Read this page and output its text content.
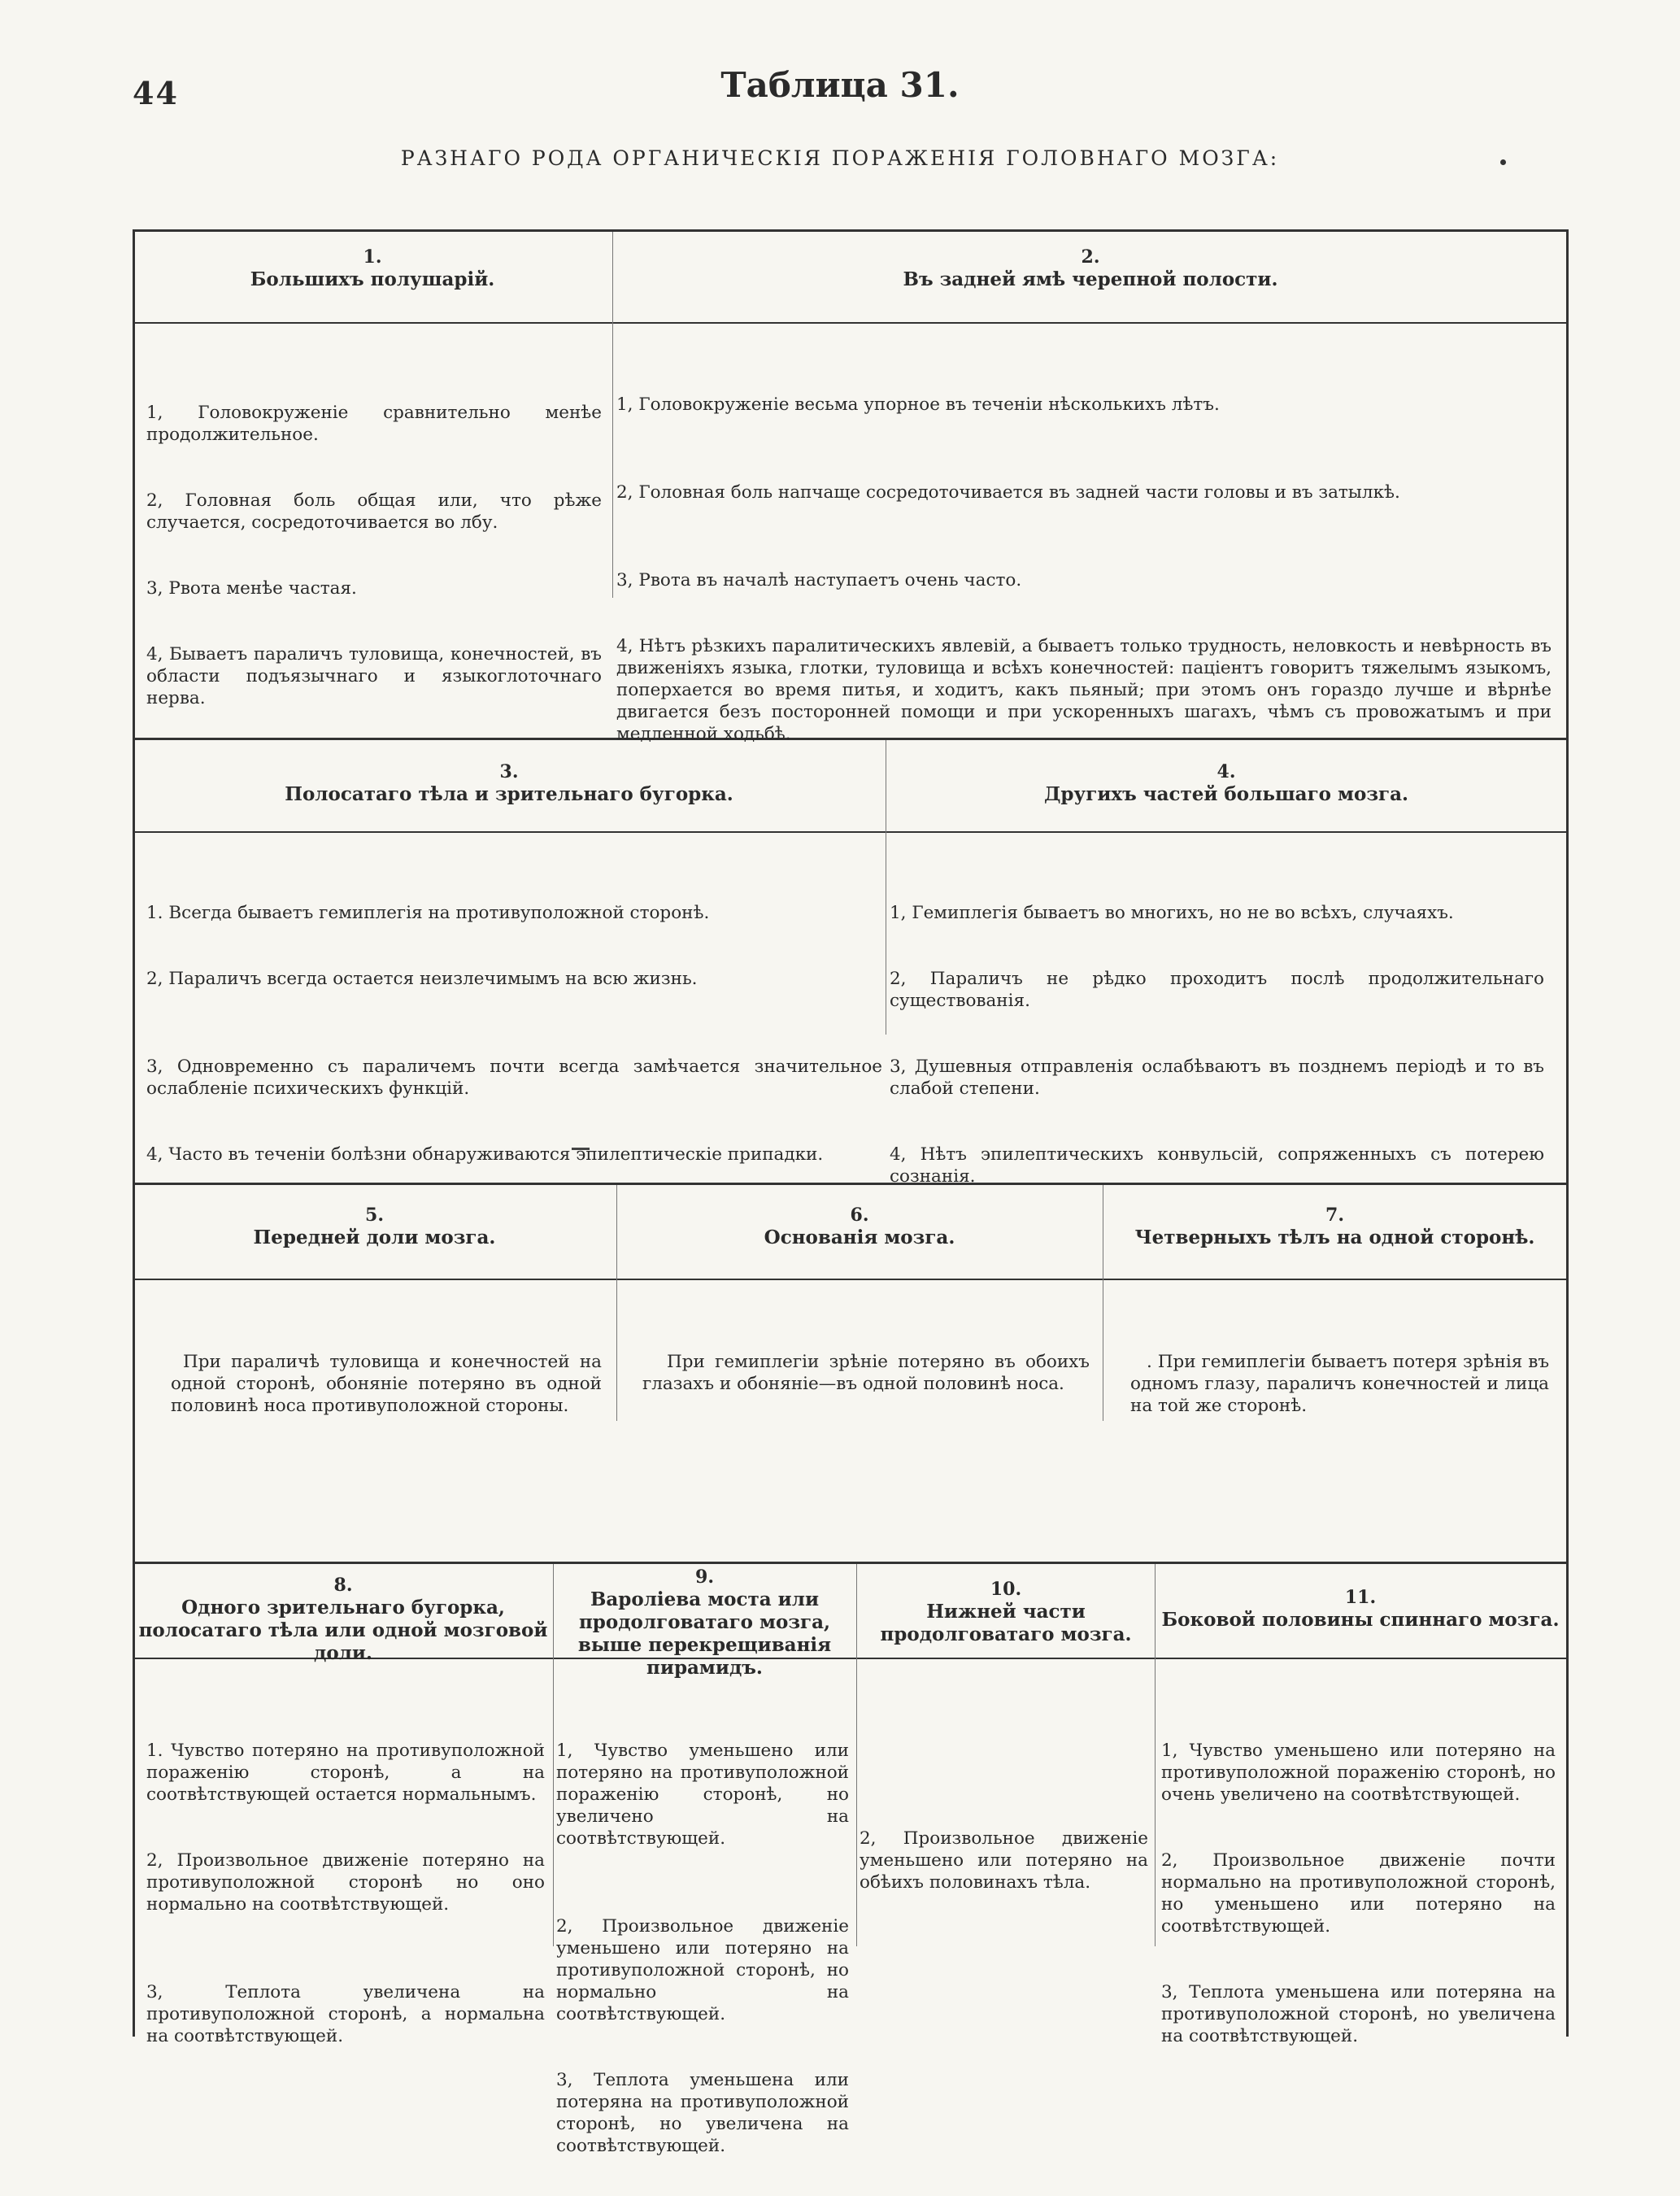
44	Таблица 31.
РАЗНАГО РОДА ОРГАНИЧЕСКІЯ ПОРАЖЕНІЯ ГОЛОВНАГО МОЗГА:
1.
Большихъ полушарій.
2.
Въ задней ямѣ черепной полости.

1, Головокруженіе сравнительно менѣе продолжительное.

2, Головная боль общая или, что рѣже случается, сосредоточивается во лбу.

3, Рвота менѣе частая.

4, Бываетъ параличъ туловища, конечностей, въ области подъязычнаго и языкоглоточнаго нерва.

1, Головокруженіе весьма упорное въ теченіи нѣсколькихъ лѣтъ.

2, Головная боль напчаще сосредоточивается въ задней части головы и въ затылкѣ.

3, Рвота въ началѣ наступаетъ очень часто.

4, Нѣтъ рѣзкихъ паралитическихъ явлевій, а бываетъ только трудность, неловкость и невѣрность въ движеніяхъ языка, глотки, туловища и всѣхъ конечностей: паціентъ говоритъ тяжелымъ языкомъ, поперхается во время питья, и ходитъ, какъ пьяный; при этомъ онъ гораздо лучше и вѣрнѣе двигается безъ посторонней помощи и при ускоренныхъ шагахъ, чѣмъ съ провожатымъ и при медленной ходьбѣ.

3.
Полосатаго тѣла и зрительнаго бугорка.
4.
Другихъ частей большаго мозга.

1. Всегда бываетъ гемиплегія на противуположной сторонѣ.

2, Параличъ всегда остается неизлечимымъ на всю жизнь.

3, Одновременно съ параличемъ почти всегда замѣчается значительное ослабленіе психическихъ функцій.

4, Часто въ теченіи болѣзни обнаруживаются эпилептическіе припадки.

1, Гемиплегія бываетъ во многихъ, но не во всѣхъ, случаяхъ.

2, Параличъ не рѣдко проходитъ послѣ продолжительнаго существованія.

3, Душевныя отправленія ослабѣваютъ въ позднемъ періодѣ и то въ слабой степени.

4, Нѣтъ эпилептическихъ конвульсій, сопряженныхъ съ потерею сознанія.

5.
Передней доли мозга.
6.
Основанія мозга.
7.
Четверныхъ тѣлъ на одной сторонѣ.

При параличѣ туловища и конечностей на одной сторонѣ, обоняніе потеряно въ одной половинѣ носа противуположной стороны.

При гемиплегіи зрѣніе потеряно въ обоихъ глазахъ и обоняніе—въ одной половинѣ носа.

. При гемиплегіи бываетъ потеря зрѣнія въ одномъ глазу, параличъ конечностей и лица на той же сторонѣ.

8.
Одного зрительнаго бугорка, полосатаго тѣла или одной мозговой доли.
9.
Вароліева моста или продолговатаго мозга, выше перекрещиванія пирамидъ.
10.
Нижней части продолговатаго мозга.
11.
Боковой половины спиннаго мозга.

1. Чувство потеряно на противуположной пораженію сторонѣ, а на соотвѣтствующей остается нормальнымъ.

2, Произвольное движеніе потеряно на противуположной сторонѣ но оно нормально на соотвѣтствующей.

3, Теплота увеличена на противуположной сторонѣ, а нормальна на соотвѣтствующей.

1, Чувство уменьшено или потеряно на противуположной пораженію сторонѣ, но увеличено на соотвѣтствующей.

2, Произвольное движеніе уменьшено или потеряно на противуположной сторонѣ, но нормально на соотвѣтствующей.

3, Теплота уменьшена или потеряна на противуположной сторонѣ, но увеличена на соотвѣтствующей.

2, Произвольное движеніе уменьшено или потеряно на обѣихъ половинахъ тѣла.

1, Чувство уменьшено или потеряно на противуположной пораженію сторонѣ, но очень увеличено на соотвѣтствующей.

2, Произвольное движеніе почти нормально на противуположной сторонѣ, но уменьшено или потеряно на соотвѣтствующей.

3, Теплота уменьшена или потеряна на противуположной сторонѣ, но увеличена на соотвѣтствующей.
